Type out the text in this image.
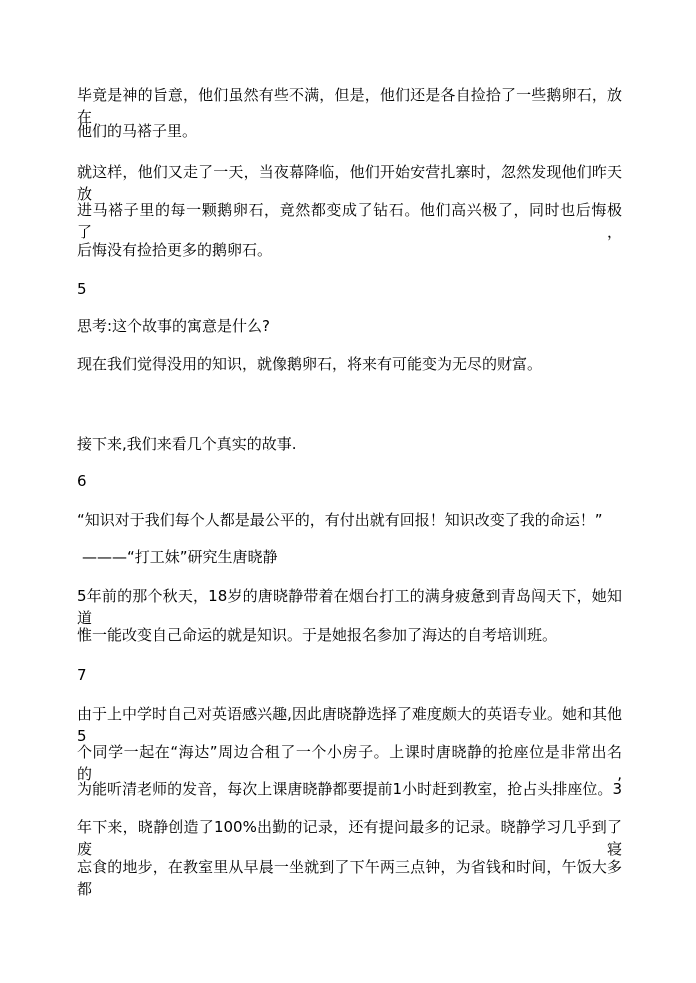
毕竟是神的旨意，他们虽然有些不满，但是，他们还是各自捡拾了一些鹅卵石，放在
他们的马褡子里。
就这样，他们又走了一天，当夜幕降临，他们开始安营扎寨时，忽然发现他们昨天放
进马褡子里的每一颗鹅卵石，竟然都变成了钻石。他们高兴极了，同时也后悔极了，
后悔没有捡拾更多的鹅卵石。
5
思考:这个故事的寓意是什么?
现在我们觉得没用的知识，就像鹅卵石，将来有可能变为无尽的财富。
接下来,我们来看几个真实的故事.
6
“知识对于我们每个人都是最公平的，有付出就有回报！知识改变了我的命运！”
———“打工妹”研究生唐晓静
5年前的那个秋天，18岁的唐晓静带着在烟台打工的满身疲惫到青岛闯天下，她知道
惟一能改变自己命运的就是知识。于是她报名参加了海达的自考培训班。
7
由于上中学时自己对英语感兴趣,因此唐晓静选择了难度颇大的英语专业。她和其他5
个同学一起在“海达”周边合租了一个小房子。上课时唐晓静的抢座位是非常出名的,
为能听清老师的发音，每次上课唐晓静都要提前1小时赶到教室，抢占头排座位。3
年下来，晓静创造了100%出勤的记录，还有提问最多的记录。晓静学习几乎到了废寝
忘食的地步，在教室里从早晨一坐就到了下午两三点钟，为省钱和时间，午饭大多都
